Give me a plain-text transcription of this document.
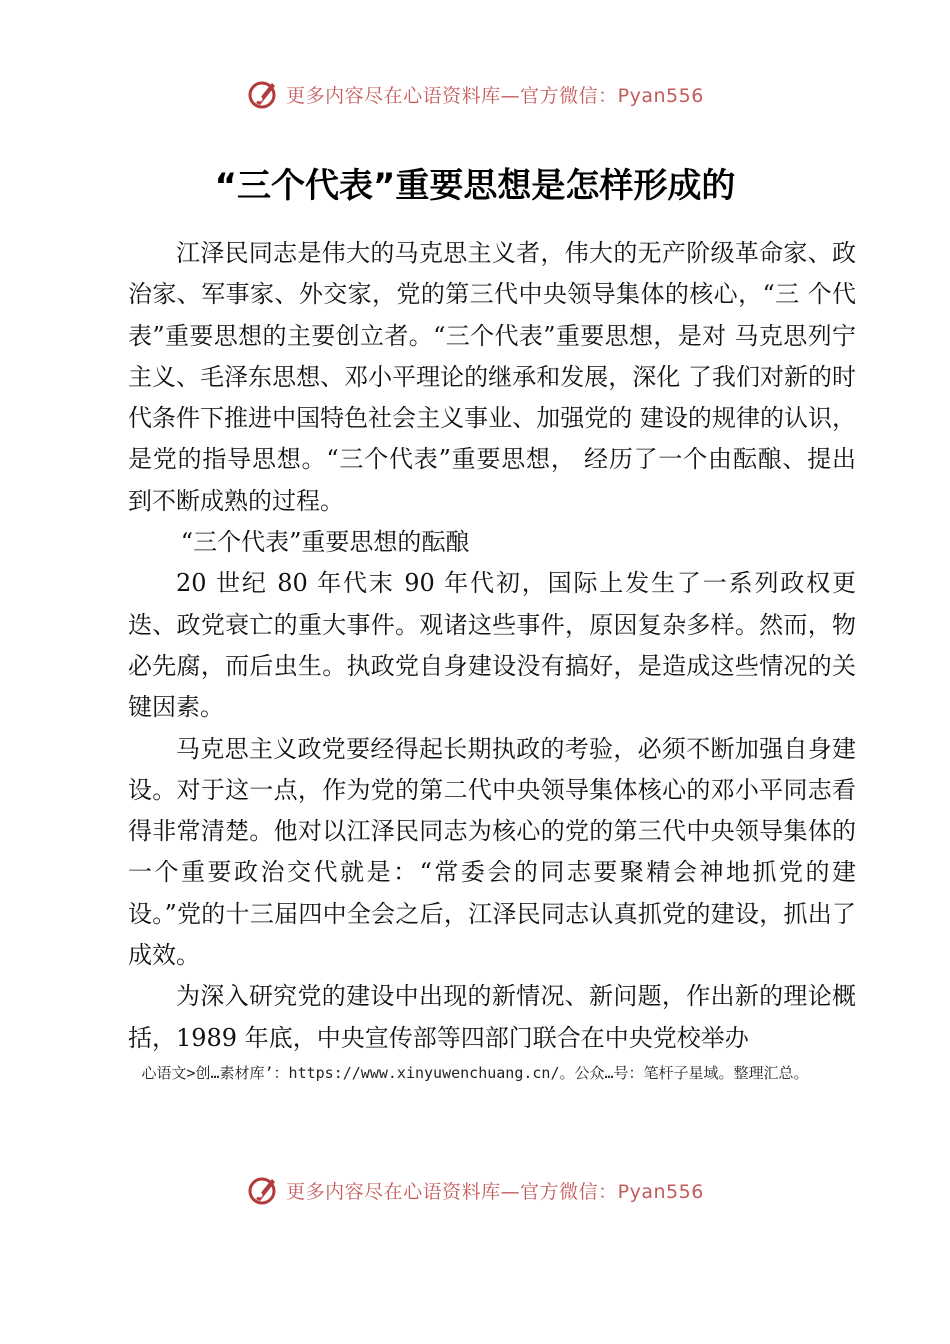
更多内容尽在心语资料库—官方微信：Pyan556
“三个代表”重要思想是怎样形成的

江泽民同志是伟大的马克思主义者，伟大的无产阶级革命家、政治家、军事家、外交家，党的第三代中央领导集体的核心，“三 个代表”重要思想的主要创立者。“三个代表”重要思想，是对 马克思列宁主义、毛泽东思想、邓小平理论的继承和发展，深化 了我们对新的时代条件下推进中国特色社会主义事业、加强党的 建设的规律的认识，是党的指导思想。“三个代表”重要思想， 经历了一个由酝酿、提出到不断成熟的过程。

“三个代表”重要思想的酝酿

20 世纪 80 年代末 90 年代初，国际上发生了一系列政权更迭、政党衰亡的重大事件。观诸这些事件，原因复杂多样。然而，物必先腐，而后虫生。执政党自身建设没有搞好，是造成这些情况的关键因素。

马克思主义政党要经得起长期执政的考验，必须不断加强自身建设。对于这一点，作为党的第二代中央领导集体核心的邓小平同志看得非常清楚。他对以江泽民同志为核心的党的第三代中央领导集体的一个重要政治交代就是：“常委会的同志要聚精会神地抓党的建设。”党的十三届四中全会之后，江泽民同志认真抓党的建设，抓出了成效。

为深入研究党的建设中出现的新情况、新问题，作出新的理论概括，1989 年底，中央宣传部等四部门联合在中央党校举办

心语文>创…素材库’：https://www.xinyuwenchuang.cn/。公众…号：笔杆子星域。整理汇总。
更多内容尽在心语资料库—官方微信：Pyan556
